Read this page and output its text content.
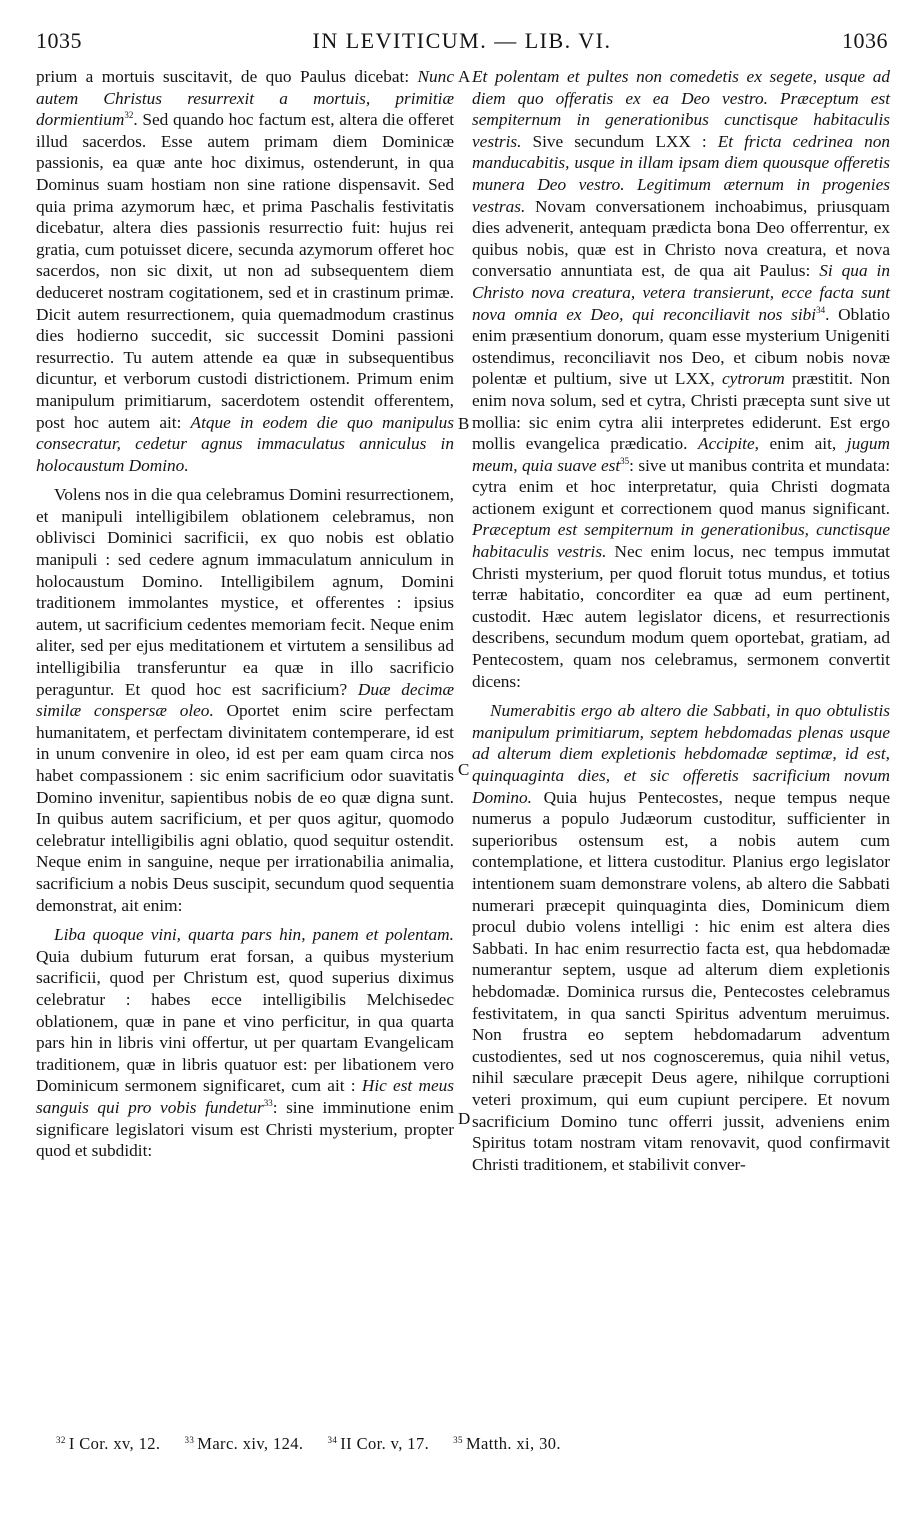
1035	IN LEVITICUM. — LIB. VI.	1036

prium a mortuis suscitavit, de quo Paulus dicebat: Nunc autem Christus resurrexit a mortuis, primitiæ dormientium$^{32}$. Sed quando hoc factum est, altera die offeret illud sacerdos. Esse autem primam diem Dominicæ passionis, ea quæ ante hoc diximus, ostenderunt, in qua Dominus suam hostiam non sine ratione dispensavit. Sed quia prima azymorum hæc, et prima Paschalis festivitatis dicebatur, altera dies passionis resurrectio fuit: hujus rei gratia, cum potuisset dicere, secunda azymorum offeret hoc sacerdos, non sic dixit, ut non ad subsequentem diem deduceret nostram cogitationem, sed et in crastinum primæ. Dicit autem resurrectionem, quia quemadmodum crastinus dies hodierno succedit, sic successit Domini passioni resurrectio. Tu autem attende ea quæ in subsequentibus dicuntur, et verborum custodi districtionem. Primum enim manipulum primitiarum, sacerdotem ostendit offerentem, post hoc autem ait: Atque in eodem die quo manipulus consecratur, cedetur agnus immaculatus anniculus in holocaustum Domino.

Volens nos in die qua celebramus Domini resurrectionem, et manipuli intelligibilem oblationem celebramus, non oblivisci Dominici sacrificii, ex quo nobis est oblatio manipuli : sed cedere agnum immaculatum anniculum in holocaustum Domino. Intelligibilem agnum, Domini traditionem immolantes mystice, et offerentes : ipsius autem, ut sacrificium cedentes memoriam fecit. Neque enim aliter, sed per ejus meditationem et virtutem a sensilibus ad intelligibilia transferuntur ea quæ in illo sacrificio peraguntur. Et quod hoc est sacrificium? Duæ decimæ similæ conspersæ oleo. Oportet enim scire perfectam humanitatem, et perfectam divinitatem contemperare, id est in unum convenire in oleo, id est per eam quam circa nos habet compassionem : sic enim sacrificium odor suavitatis Domino invenitur, sapientibus nobis de eo quæ digna sunt. In quibus autem sacrificium, et per quos agitur, quomodo celebratur intelligibilis agni oblatio, quod sequitur ostendit. Neque enim in sanguine, neque per irrationabilia animalia, sacrificium a nobis Deus suscipit, secundum quod sequentia demonstrat, ait enim:

Liba quoque vini, quarta pars hin, panem et polentam. Quia dubium futurum erat forsan, a quibus mysterium sacrificii, quod per Christum est, quod superius diximus celebratur : habes ecce intelligibilis Melchisedec oblationem, quæ in pane et vino perficitur, in qua quarta pars hin in libris vini offertur, ut per quartam Evangelicam traditionem, quæ in libris quatuor est: per libationem vero Dominicum sermonem significaret, cum ait : Hic est meus sanguis qui pro vobis fundetur$^{33}$: sine imminutione enim significare legislatori visum est Christi mysterium, propter quod et subdidit:

Et polentam et pultes non comedetis ex segete, usque ad diem quo offeratis ex ea Deo vestro. Præceptum est sempiternum in generationibus cunctisque habitaculis vestris. Sive secundum LXX : Et fricta cedrinea non manducabitis, usque in illam ipsam diem quousque offeretis munera Deo vestro. Legitimum æternum in progenies vestras. Novam conversationem inchoabimus, priusquam dies advenerit, antequam prædicta bona Deo offerrentur, ex quibus nobis, quæ est in Christo nova creatura, et nova conversatio annuntiata est, de qua ait Paulus: Si qua in Christo nova creatura, vetera transierunt, ecce facta sunt nova omnia ex Deo, qui reconciliavit nos sibi$^{34}$. Oblatio enim præsentium donorum, quam esse mysterium Unigeniti ostendimus, reconciliavit nos Deo, et cibum nobis novæ polentæ et pultium, sive ut LXX, cytrorum præstitit. Non enim nova solum, sed et cytra, Christi præcepta sunt sive ut mollia: sic enim cytra alii interpretes ediderunt. Est ergo mollis evangelica prædicatio. Accipite, enim ait, jugum meum, quia suave est$^{35}$: sive ut manibus contrita et mundata: cytra enim et hoc interpretatur, quia Christi dogmata actionem exigunt et correctionem quod manus significant. Præceptum est sempiternum in generationibus, cunctisque habitaculis vestris. Nec enim locus, nec tempus immutat Christi mysterium, per quod floruit totus mundus, et totius terræ habitatio, concorditer ea quæ ad eum pertinent, custodit. Hæc autem legislator dicens, et resurrectionis describens, secundum modum quem oportebat, gratiam, ad Pentecostem, quam nos celebramus, sermonem convertit dicens:

Numerabitis ergo ab altero die Sabbati, in quo obtulistis manipulum primitiarum, septem hebdomadas plenas usque ad alterum diem expletionis hebdomadæ septimæ, id est, quinquaginta dies, et sic offeretis sacrificium novum Domino. Quia hujus Pentecostes, neque tempus neque numerus a populo Judæorum custoditur, sufficienter in superioribus ostensum est, a nobis autem cum contemplatione, et littera custoditur. Planius ergo legislator intentionem suam demonstrare volens, ab altero die Sabbati numerari præcepit quinquaginta dies, Dominicum diem procul dubio volens intelligi : hic enim est altera dies Sabbati. In hac enim resurrectio facta est, qua hebdomadæ numerantur septem, usque ad alterum diem expletionis hebdomadæ. Dominica rursus die, Pentecostes celebramus festivitatem, in qua sancti Spiritus adventum meruimus. Non frustra eo septem hebdomadarum adventum custodientes, sed ut nos cognosceremus, quia nihil vetus, nihil sæculare præcepit Deus agere, nihilque corruptioni veteri proximum, qui eum cupiunt percipere. Et novum sacrificium Domino tunc offerri jussit, adveniens enim Spiritus totam nostram vitam renovavit, quod confirmavit Christi traditionem, et stabilivit conver-

A
B
C
D
$^{32}$ I Cor. xv, 12.	$^{33}$ Marc. xiv, 124.	$^{34}$ II Cor. v, 17.	$^{35}$ Matth. xi, 30.
